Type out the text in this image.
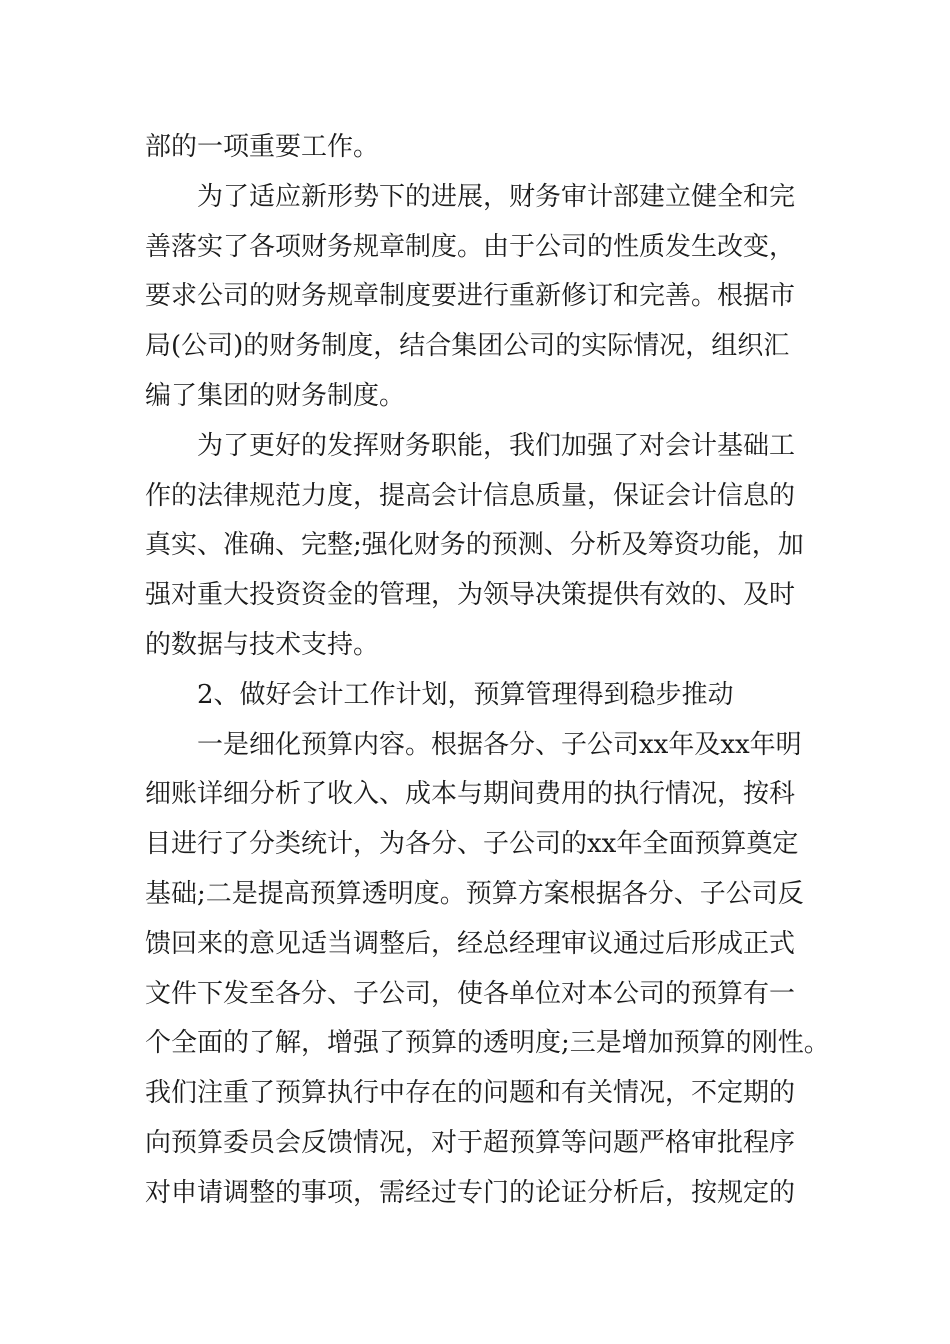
部的一项重要工作。
为了适应新形势下的进展，财务审计部建立健全和完
善落实了各项财务规章制度。由于公司的性质发生改变，
要求公司的财务规章制度要进行重新修订和完善。根据市
局(公司)的财务制度，结合集团公司的实际情况，组织汇
编了集团的财务制度。
为了更好的发挥财务职能，我们加强了对会计基础工
作的法律规范力度，提高会计信息质量，保证会计信息的
真实、准确、完整;强化财务的预测、分析及筹资功能，加
强对重大投资资金的管理，为领导决策提供有效的、及时
的数据与技术支持。
2、做好会计工作计划，预算管理得到稳步推动
一是细化预算内容。根据各分、子公司xx年及xx年明
细账详细分析了收入、成本与期间费用的执行情况，按科
目进行了分类统计，为各分、子公司的xx年全面预算奠定
基础;二是提高预算透明度。预算方案根据各分、子公司反
馈回来的意见适当调整后，经总经理审议通过后形成正式
文件下发至各分、子公司，使各单位对本公司的预算有一
个全面的了解，增强了预算的透明度;三是增加预算的刚性。
我们注重了预算执行中存在的问题和有关情况，不定期的
向预算委员会反馈情况，对于超预算等问题严格审批程序
对申请调整的事项，需经过专门的论证分析后，按规定的
